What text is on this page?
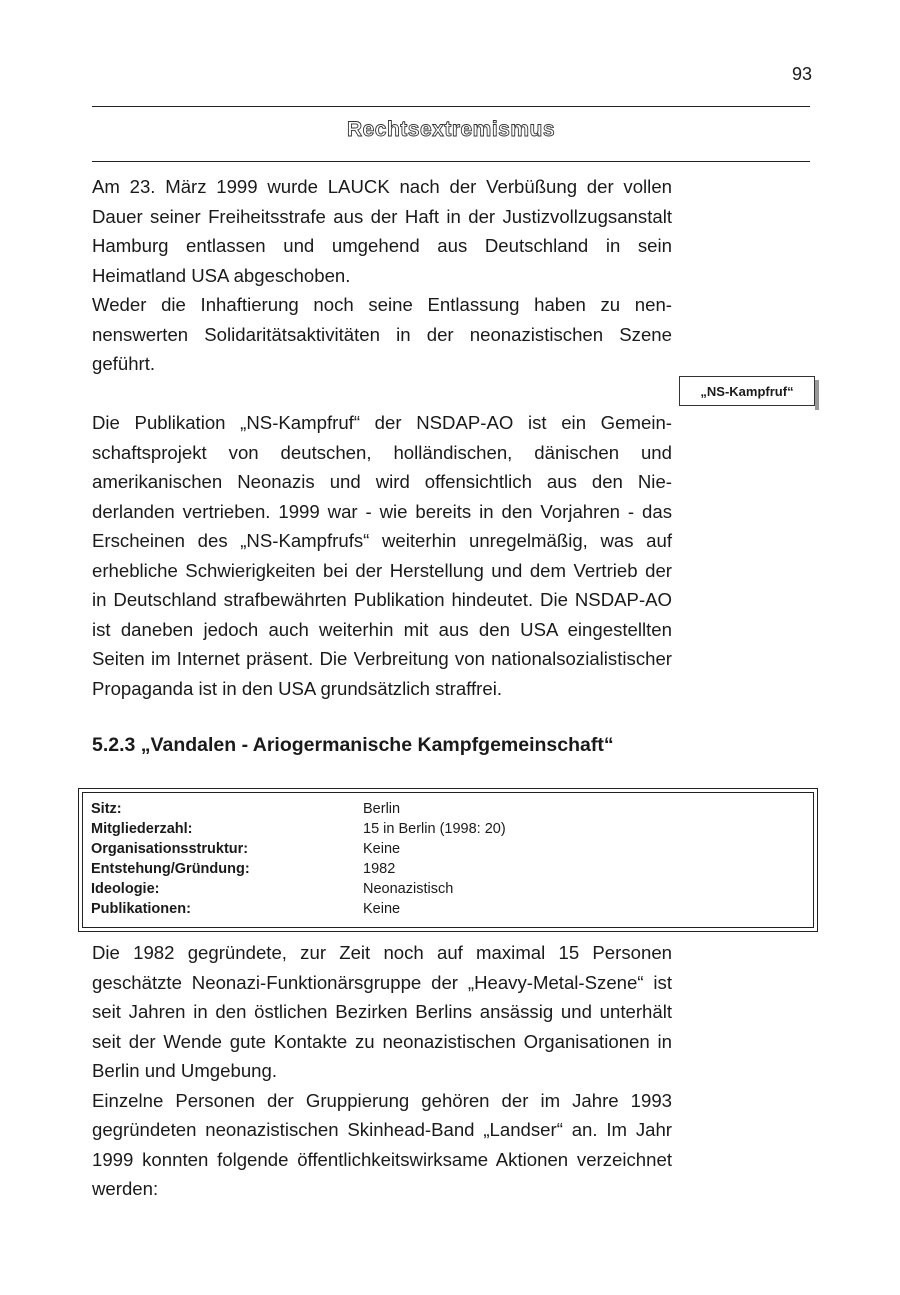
93
Rechtsextremismus

Am 23. März 1999 wurde LAUCK nach der Verbüßung der vollen Dauer seiner Freiheitsstrafe aus der Haft in der Justizvollzugsanstalt Hamburg entlassen und umgehend aus Deutschland in sein Heimatland USA abgeschoben.
Weder die Inhaftierung noch seine Entlassung haben zu nennenswerten Solidaritätsaktivitäten in der neonazistischen Szene geführt.

„NS-Kampfruf“

Die Publikation „NS-Kampfruf“ der NSDAP-AO ist ein Gemeinschaftsprojekt von deutschen, holländischen, dänischen und amerikanischen Neonazis und wird offensichtlich aus den Niederlanden vertrieben. 1999 war - wie bereits in den Vorjahren - das Erscheinen des „NS-Kampfrufs“ weiterhin unregelmäßig, was auf erhebliche Schwierigkeiten bei der Herstellung und dem Vertrieb der in Deutschland strafbewährten Publikation hindeutet. Die NSDAP-AO ist daneben jedoch auch weiterhin mit aus den USA eingestellten Seiten im Internet präsent. Die Verbreitung von nationalsozialistischer Propaganda ist in den USA grundsätzlich straffrei.

5.2.3 „Vandalen - Ariogermanische Kampfgemeinschaft“
Sitz:	Berlin
Mitgliederzahl:	15 in Berlin (1998: 20)
Organisationsstruktur:	Keine
Entstehung/Gründung:	1982
Ideologie:	Neonazistisch
Publikationen:	Keine

Die 1982 gegründete, zur Zeit noch auf maximal 15 Personen geschätzte Neonazi-Funktionärsgruppe der „Heavy-Metal-Szene“ ist seit Jahren in den östlichen Bezirken Berlins ansässig und unterhält seit der Wende gute Kontakte zu neonazistischen Organisationen in Berlin und Umgebung.
Einzelne Personen der Gruppierung gehören der im Jahre 1993 gegründeten neonazistischen Skinhead-Band „Landser“ an. Im Jahr 1999 konnten folgende öffentlichkeitswirksame Aktionen verzeichnet werden:
